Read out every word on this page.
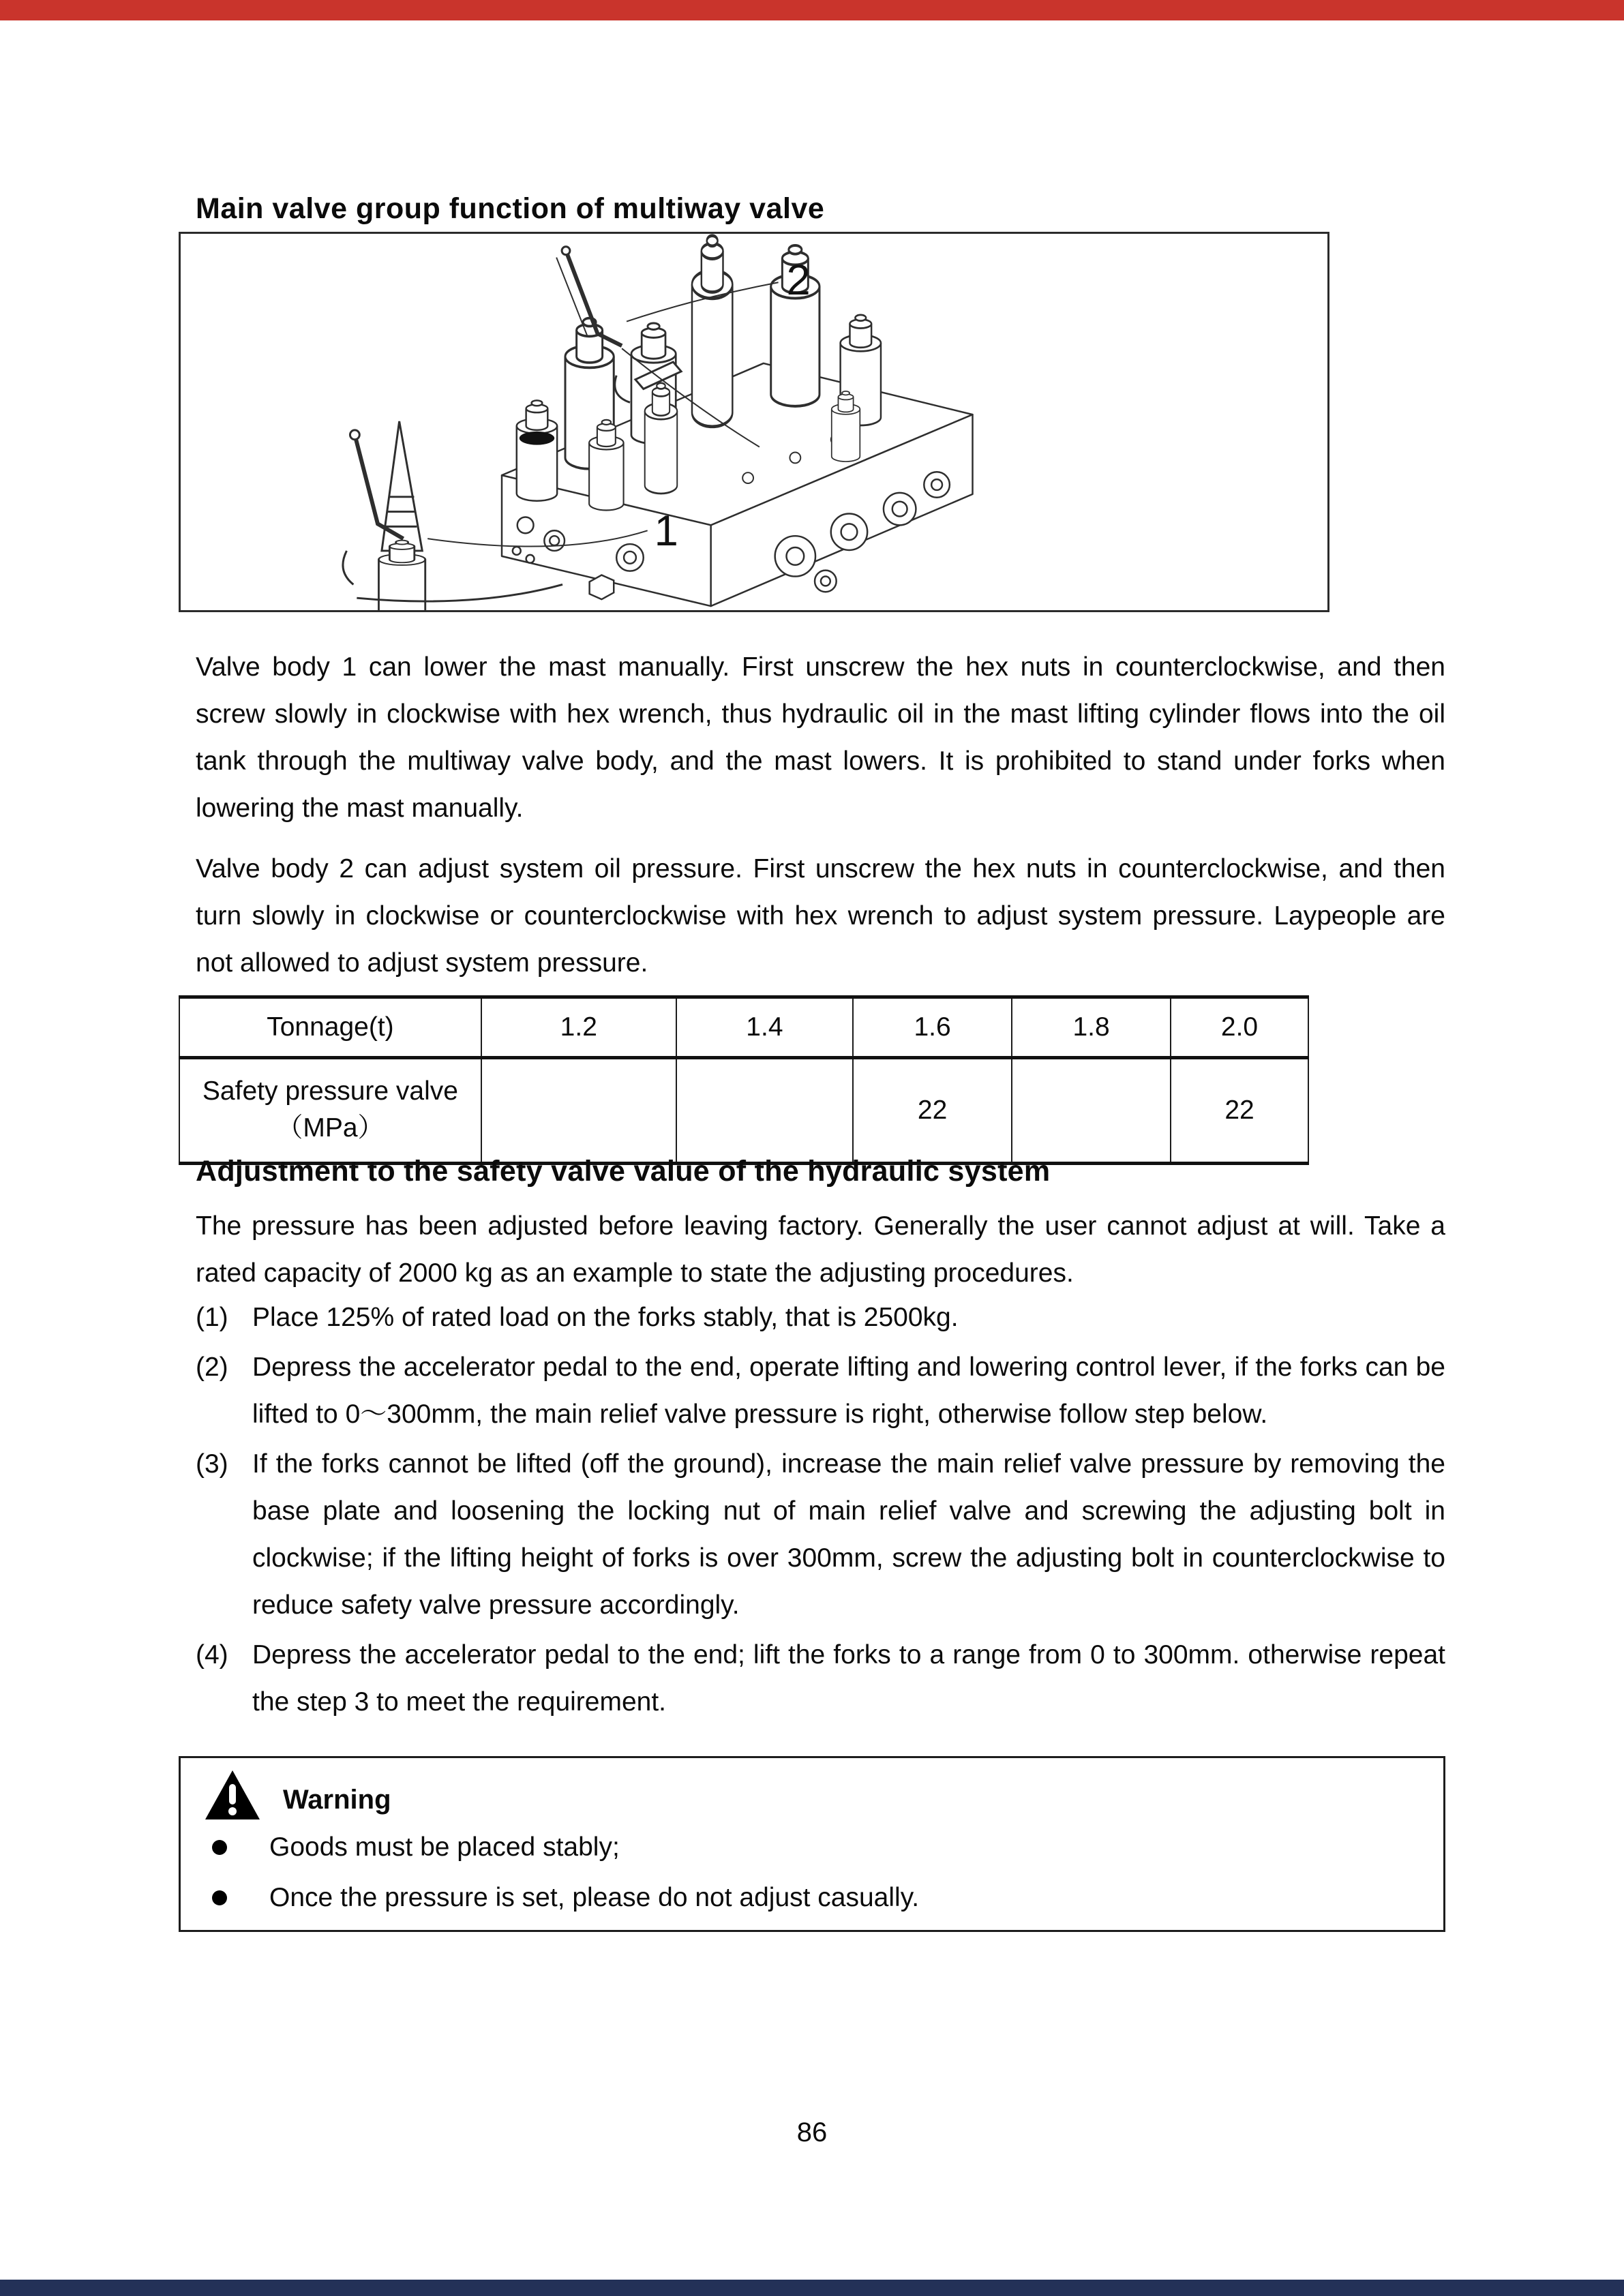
Main valve group function of multiway valve
1
2

Valve body 1 can lower the mast manually. First unscrew the hex nuts in counterclockwise, and then screw slowly in clockwise with hex wrench, thus hydraulic oil in the mast lifting cylinder flows into the oil tank through the multiway valve body, and the mast lowers. It is prohibited to stand under forks when lowering the mast manually.

Valve body 2 can adjust system oil pressure. First unscrew the hex nuts in counterclockwise, and then turn slowly in clockwise or counterclockwise with hex wrench to adjust system pressure. Laypeople are not allowed to adjust system pressure.

Tonnage(t)	1.2	1.4	1.6	1.8	2.0

Safety pressure valve
（MPa）			22		22
Adjustment to the safety valve value of the hydraulic system

The pressure has been adjusted before leaving factory. Generally the user cannot adjust at will. Take a rated capacity of 2000 kg as an example to state the adjusting procedures.

(1) Place 125% of rated load on the forks stably, that is 2500kg.
(2) Depress the accelerator pedal to the end, operate lifting and lowering control lever, if the forks can be lifted to 0～300mm, the main relief valve pressure is right, otherwise follow step below.
(3) If the forks cannot be lifted (off the ground), increase the main relief valve pressure by removing the base plate and loosening the locking nut of main relief valve and screwing the adjusting bolt in clockwise; if the lifting height of forks is over 300mm, screw the adjusting bolt in counterclockwise to reduce safety valve pressure accordingly.
(4) Depress the accelerator pedal to the end; lift the forks to a range from 0 to 300mm. otherwise repeat the step 3 to meet the requirement.
Warning
Goods must be placed stably;
Once the pressure is set, please do not adjust casually.
86
